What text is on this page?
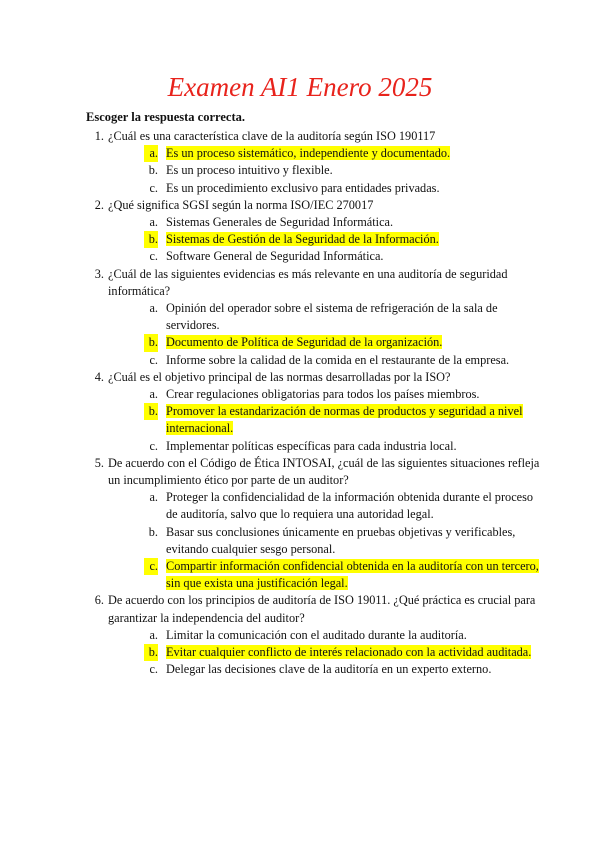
Examen AI1 Enero 2025

Escoger la respuesta correcta.

1 . ¿Cuál es una característica clave de la auditoría según ISO 190117
a . Es un proceso sistemático, independiente y documentado.
b . Es un proceso intuitivo y flexible.
c . Es un procedimiento exclusivo para entidades privadas.
2 . ¿Qué significa SGSI según la norma ISO/IEC 270017
a . Sistemas Generales de Seguridad Informática.
b . Sistemas de Gestión de la Seguridad de la Información.
c . Software General de Seguridad Informática.
3 . ¿Cuál de las siguientes evidencias es más relevante en una auditoría de seguridad informática?
a . Opinión del operador sobre el sistema de refrigeración de la sala de servidores.
b . Documento de Política de Seguridad de la organización.
c . Informe sobre la calidad de la comida en el restaurante de la empresa.
4 . ¿Cuál es el objetivo principal de las normas desarrolladas por la ISO?
a . Crear regulaciones obligatorias para todos los países miembros.
b . Promover la estandarización de normas de productos y seguridad a nivel internacional.
c . Implementar políticas específicas para cada industria local.
5 . De acuerdo con el Código de Ética INTOSAI, ¿cuál de las siguientes situaciones refleja un incumplimiento ético por parte de un auditor?
a . Proteger la confidencialidad de la información obtenida durante el proceso de auditoría, salvo que lo requiera una autoridad legal.
b . Basar sus conclusiones únicamente en pruebas objetivas y verificables, evitando cualquier sesgo personal.
c . Compartir información confidencial obtenida en la auditoría con un tercero, sin que exista una justificación legal.
6 . De acuerdo con los principios de auditoría de ISO 19011. ¿Qué práctica es crucial para garantizar la independencia del auditor?
a . Limitar la comunicación con el auditado durante la auditoría.
b . Evitar cualquier conflicto de interés relacionado con la actividad auditada.
c . Delegar las decisiones clave de la auditoría en un experto externo.
